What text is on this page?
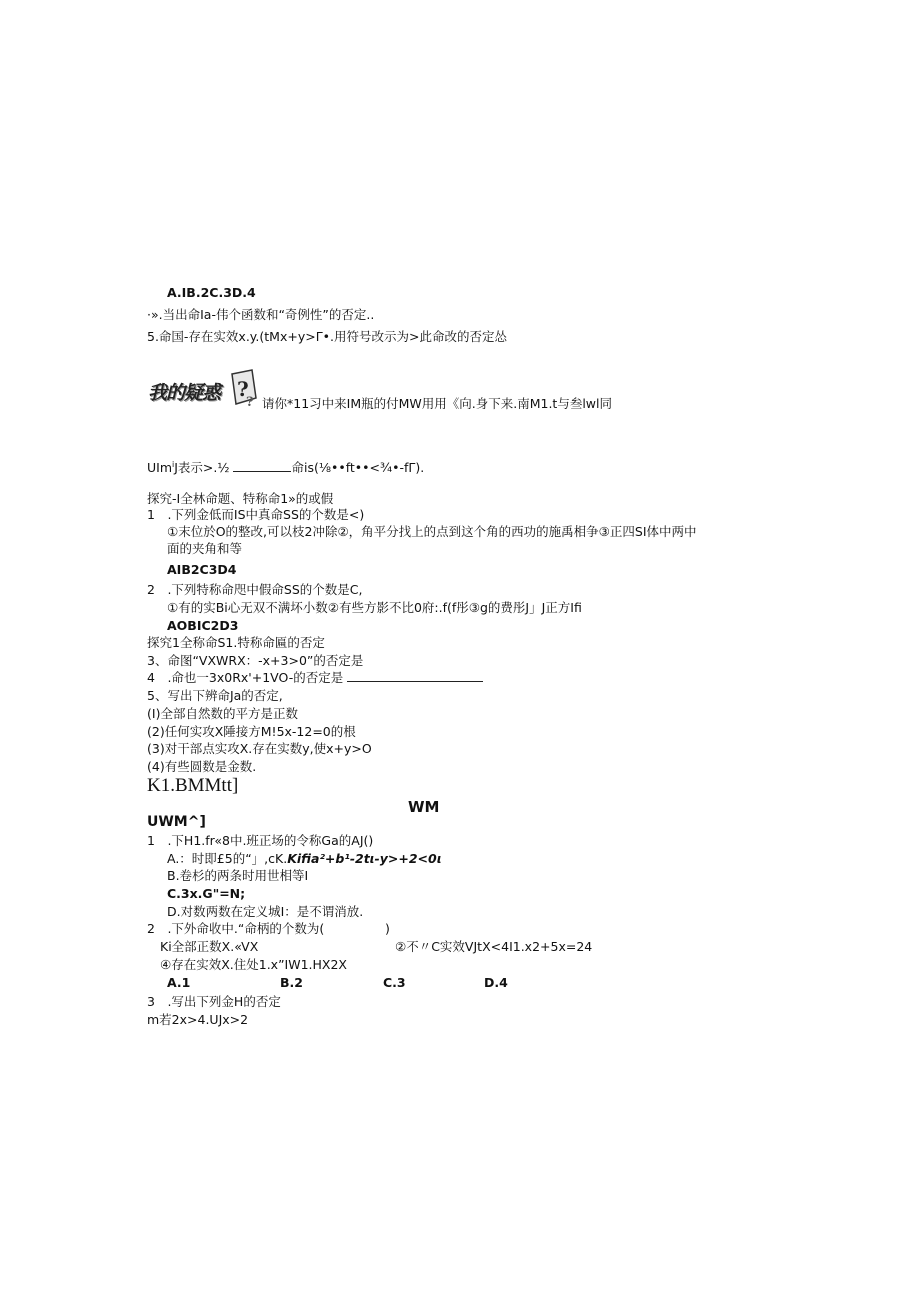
A.IB.2C.3D.4
·».当出命Ia-伟个函数和“奇例性”的否定..
5.命国-存在实效x.y.(tMx+y>Γ•.用符号改示为>此命改的否定怂
我的疑惑 ?
? 请你*11习中来IM瓶的付MW用用《向.身下来.南M1.t与叁lwl同
UIm$^i$J表示>.½	命is(⅛••ft••<¾•-fΓ).
探究-I全林命题、特称命1»的或假
1　.下列金低而IS中真命SS的个数是<)
①末位於O的整改,可以枝2冲除②，角平分找上的点到这个角的西功的施禹相争③正四SI体中两中
面的夹角和等
AIB2C3D4
2　.下列特称命咫中假命SS的个数是C,
①有的实Bi心无双不满坏小数②有些方影不比0府:.f(f彤③g的费彤J」J正方Ifi
AOBIC2D3
探究1全称命S1.特称命匾的否定
3、命图“VXWRX：-x+3>0”的否定是
4　.命也一3x0Rx'+1VO-的否定是
5、写出下辨命Ja的否定,
(I)全部自然数的平方是正数
(2)任何实攻X陲接方M!5x-12=0的根
(3)对干部点实攻X.存在实数y,使x+y>O
(4)有些圆数是金数.
K1.BMMtt]
WM
UWM^]
1　.下H1.fr«8中.班正场的令称Ga的AJ()
A.：时即£5的“」,cK.Kifia²+b¹-2tι-y>+2<0ι
B.卷杉的两条时用世相等I
C.3x.G"=N;
D.对数两数在定义城I：是不谓消放.
2　.下外命收中.“命柄的个数为(	)
Ki全部正数X.«VX	②不〃C实效VJtX<4I1.x2+5x=24
④存在实效X.住处1.x”IW1.HX2X
A.1	B.2	C.3	D.4
3　.写出下列金H的否定
m若2x>4.UJx>2
